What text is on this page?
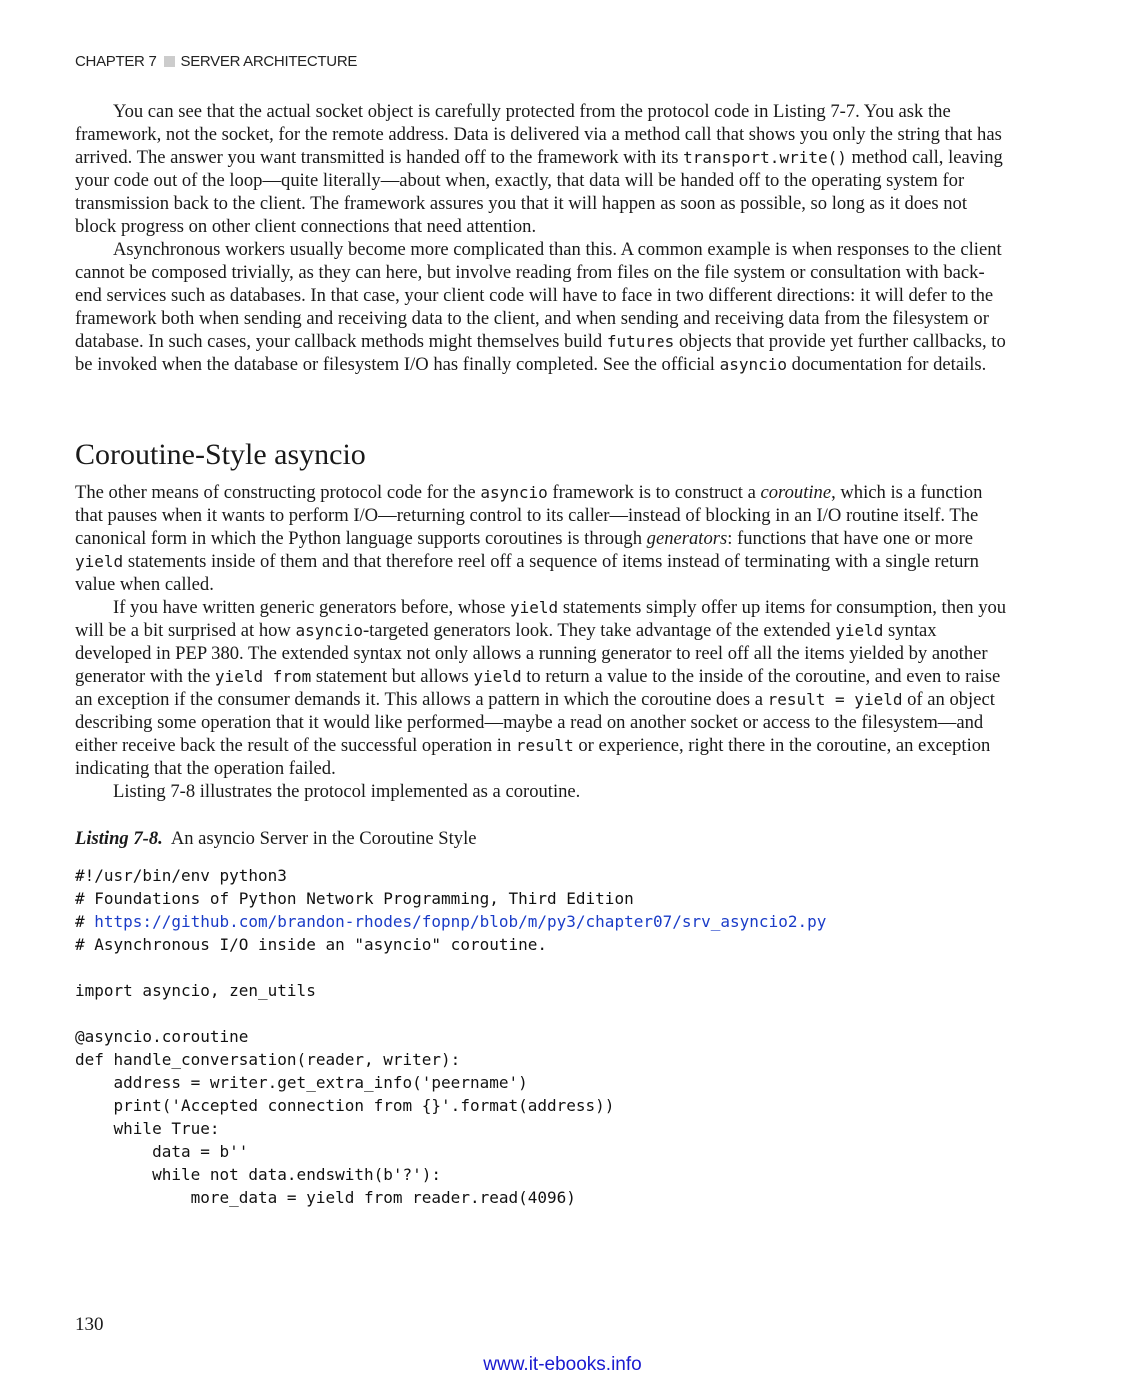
CHAPTER 7 SERVER ARCHITECTURE

You can see that the actual socket object is carefully protected from the protocol code in Listing 7-7. You ask the framework, not the socket, for the remote address. Data is delivered via a method call that shows you only the string that has arrived. The answer you want transmitted is handed off to the framework with its transport.write() method call, leaving your code out of the loop—quite literally—about when, exactly, that data will be handed off to the operating system for transmission back to the client. The framework assures you that it will happen as soon as possible, so long as it does not block progress on other client connections that need attention.

Asynchronous workers usually become more complicated than this. A common example is when responses to the client cannot be composed trivially, as they can here, but involve reading from files on the file system or consultation with back-end services such as databases. In that case, your client code will have to face in two different directions: it will defer to the framework both when sending and receiving data to the client, and when sending and receiving data from the filesystem or database. In such cases, your callback methods might themselves build futures objects that provide yet further callbacks, to be invoked when the database or filesystem I/O has finally completed. See the official asyncio documentation for details.

Coroutine-Style asyncio

The other means of constructing protocol code for the asyncio framework is to construct a coroutine, which is a function that pauses when it wants to perform I/O—returning control to its caller—instead of blocking in an I/O routine itself. The canonical form in which the Python language supports coroutines is through generators: functions that have one or more yield statements inside of them and that therefore reel off a sequence of items instead of terminating with a single return value when called.

If you have written generic generators before, whose yield statements simply offer up items for consumption, then you will be a bit surprised at how asyncio-targeted generators look. They take advantage of the extended yield syntax developed in PEP 380. The extended syntax not only allows a running generator to reel off all the items yielded by another generator with the yield from statement but allows yield to return a value to the inside of the coroutine, and even to raise an exception if the consumer demands it. This allows a pattern in which the coroutine does a result = yield of an object describing some operation that it would like performed—maybe a read on another socket or access to the filesystem—and either receive back the result of the successful operation in result or experience, right there in the coroutine, an exception indicating that the operation failed.

Listing 7-8 illustrates the protocol implemented as a coroutine.

Listing 7-8. An asyncio Server in the Coroutine Style
#!/usr/bin/env python3
# Foundations of Python Network Programming, Third Edition
# https://github.com/brandon-rhodes/fopnp/blob/m/py3/chapter07/srv_asyncio2.py
# Asynchronous I/O inside an "asyncio" coroutine.
import asyncio, zen_utils
@asyncio.coroutine
def handle_conversation(reader, writer):
address = writer.get_extra_info('peername')
print('Accepted connection from {}'.format(address))
while True:
data = b''
while not data.endswith(b'?'):
more_data = yield from reader.read(4096)
130
www.it-ebooks.info
